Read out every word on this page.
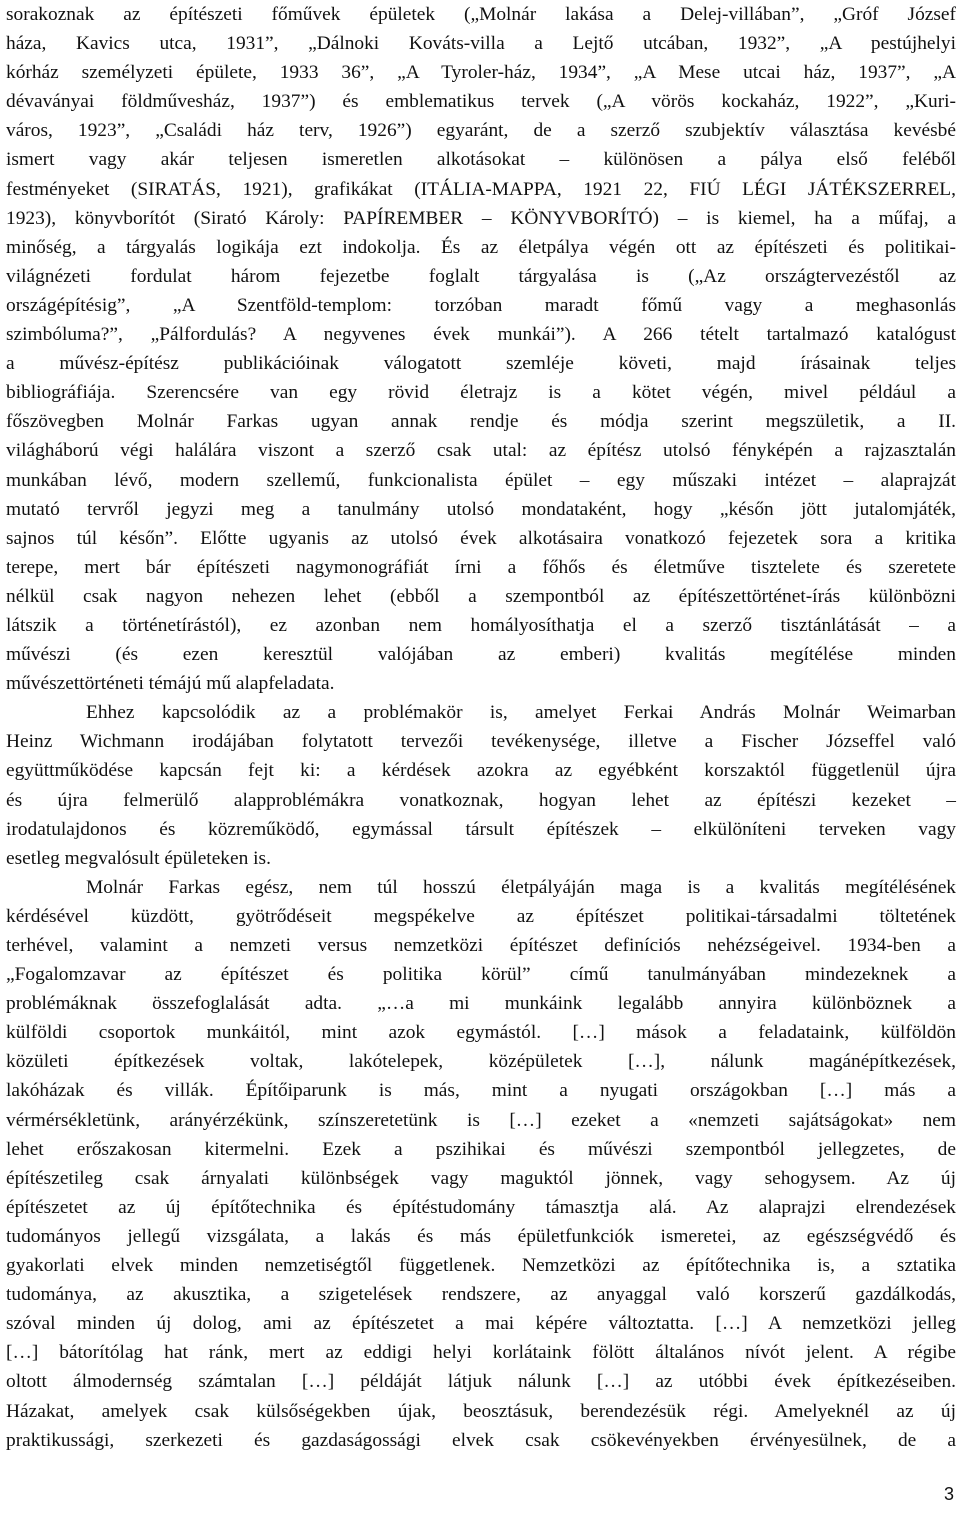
sorakoznak az építészeti főművek épületek („Molnár lakása a Delej-villában”, „Gróf József
háza, Kavics utca, 1931”, „Dálnoki Kováts-villa a Lejtő utcában, 1932”, „A pestújhelyi
kórház személyzeti épülete, 1933 36”, „A Tyroler-ház, 1934”, „A Mese utcai ház, 1937”, „A
dévaványai földművesház, 1937”) és emblematikus tervek („A vörös kockaház, 1922”, „Kuri-
város, 1923”, „Családi ház terv, 1926”) egyaránt, de a szerző szubjektív választása kevésbé
ismert vagy akár teljesen ismeretlen alkotásokat – különösen a pálya első feléből
festményeket (SIRATÁS, 1921), grafikákat (ITÁLIA-MAPPA, 1921 22, FIÚ LÉGI JÁTÉKSZERREL,
1923), könyvborítót (Sirató Károly: PAPÍREMBER – KÖNYVBORÍTÓ) – is kiemel, ha a műfaj, a
minőség, a tárgyalás logikája ezt indokolja. És az életpálya végén ott az építészeti és politikai-
világnézeti fordulat három fejezetbe foglalt tárgyalása is („Az országtervezéstől az
országépítésig”, „A Szentföld-templom: torzóban maradt főmű vagy a meghasonlás
szimbóluma?”, „Pálfordulás? A negyvenes évek munkái”). A 266 tételt tartalmazó katalógust
a művész-építész publikációinak válogatott szemléje követi, majd írásainak teljes
bibliográfiája. Szerencsére van egy rövid életrajz is a kötet végén, mivel például a
főszövegben Molnár Farkas ugyan annak rendje és módja szerint megszületik, a II.
világháború végi halálára viszont a szerző csak utal: az építész utolsó fényképén a rajzasztalán
munkában lévő, modern szellemű, funkcionalista épület – egy műszaki intézet – alaprajzát
mutató tervről jegyzi meg a tanulmány utolsó mondataként, hogy „későn jött jutalomjáték,
sajnos túl későn”. Előtte ugyanis az utolsó évek alkotásaira vonatkozó fejezetek sora a kritika
terepe, mert bár építészeti nagymonográfiát írni a főhős és életműve tisztelete és szeretete
nélkül csak nagyon nehezen lehet (ebből a szempontból az építészettörténet-írás különbözni
látszik a történetírástól), ez azonban nem homályosíthatja el a szerző tisztánlátását – a
művészi (és ezen keresztül valójában az emberi) kvalitás megítélése minden
művészettörténeti témájú mű alapfeladata.
Ehhez kapcsolódik az a problémakör is, amelyet Ferkai András Molnár Weimarban
Heinz Wichmann irodájában folytatott tervezői tevékenysége, illetve a Fischer Józseffel való
együttműködése kapcsán fejt ki: a kérdések azokra az egyébként korszaktól függetlenül újra
és újra felmerülő alapproblémákra vonatkoznak, hogyan lehet az építészi kezeket –
irodatulajdonos és közreműködő, egymással társult építészek – elkülöníteni terveken vagy
esetleg megvalósult épületeken is.
Molnár Farkas egész, nem túl hosszú életpályáján maga is a kvalitás megítélésének
kérdésével küzdött, gyötrődéseit megspékelve az építészet politikai-társadalmi töltetének
terhével, valamint a nemzeti versus nemzetközi építészet definíciós nehézségeivel. 1934-ben a
„Fogalomzavar az építészet és politika körül” című tanulmányában mindezeknek a
problémáknak összefoglalását adta. „…a mi munkáink legalább annyira különböznek a
külföldi csoportok munkáitól, mint azok egymástól. […] mások a feladataink, külföldön
közületi építkezések voltak, lakótelepek, középületek […], nálunk magánépítkezések,
lakóházak és villák. Építőiparunk is más, mint a nyugati országokban […] más a
vérmérsékletünk, arányérzékünk, színszeretetünk is […] ezeket a «nemzeti sajátságokat» nem
lehet erőszakosan kitermelni. Ezek a pszihikai és művészi szempontból jellegzetes, de
építészetileg csak árnyalati különbségek vagy maguktól jönnek, vagy sehogysem. Az új
építészetet az új építőtechnika és építéstudomány támasztja alá. Az alaprajzi elrendezések
tudományos jellegű vizsgálata, a lakás és más épületfunkciók ismeretei, az egészségvédő és
gyakorlati elvek minden nemzetiségtől függetlenek. Nemzetközi az építőtechnika is, a sztatika
tudománya, az akusztika, a szigetelések rendszere, az anyaggal való korszerű gazdálkodás,
szóval minden új dolog, ami az építészetet a mai képére változtatta. […] A nemzetközi jelleg
[…] bátorítólag hat ránk, mert az eddigi helyi korlátaink fölött általános nívót jelent. A régibe
oltott álmodernség számtalan […] példáját látjuk nálunk […] az utóbbi évek építkezéseiben.
Házakat, amelyek csak külsőségekben újak, beosztásuk, berendezésük régi. Amelyeknél az új
praktikussági, szerkezeti és gazdaságossági elvek csak csökevényekben érvényesülnek, de a
3
